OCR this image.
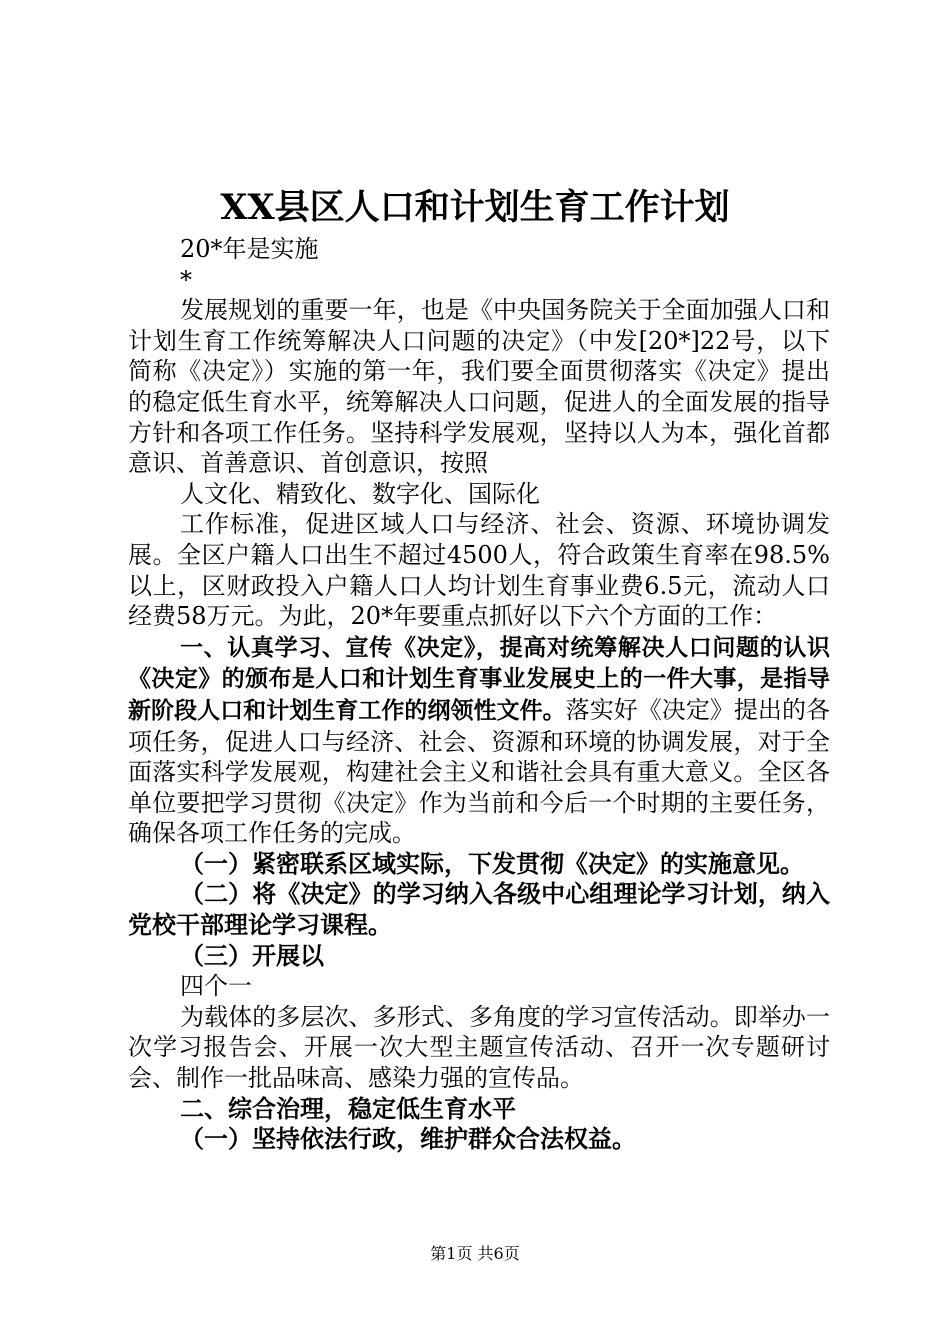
XX县区人口和计划生育工作计划

20*年是实施

*

发展规划的重要一年，也是《中央国务院关于全面加强人口和计划生育工作统筹解决人口问题的决定》（中发[20*]22号，以下简称《决定》）实施的第一年，我们要全面贯彻落实《决定》提出的稳定低生育水平，统筹解决人口问题，促进人的全面发展的指导方针和各项工作任务。坚持科学发展观，坚持以人为本，强化首都意识、首善意识、首创意识，按照

人文化、精致化、数字化、国际化

工作标准，促进区域人口与经济、社会、资源、环境协调发展。全区户籍人口出生不超过4500人，符合政策生育率在98.5%以上，区财政投入户籍人口人均计划生育事业费6.5元，流动人口经费58万元。为此，20*年要重点抓好以下六个方面的工作：

一、认真学习、宣传《决定》，提高对统筹解决人口问题的认识《决定》的颁布是人口和计划生育事业发展史上的一件大事，是指导新阶段人口和计划生育工作的纲领性文件。落实好《决定》提出的各项任务，促进人口与经济、社会、资源和环境的协调发展，对于全面落实科学发展观，构建社会主义和谐社会具有重大意义。全区各单位要把学习贯彻《决定》作为当前和今后一个时期的主要任务，确保各项工作任务的完成。

（一）紧密联系区域实际，下发贯彻《决定》的实施意见。

（二）将《决定》的学习纳入各级中心组理论学习计划，纳入党校干部理论学习课程。

（三）开展以

四个一

为载体的多层次、多形式、多角度的学习宣传活动。即举办一次学习报告会、开展一次大型主题宣传活动、召开一次专题研讨会、制作一批品味高、感染力强的宣传品。

二、综合治理，稳定低生育水平

（一）坚持依法行政，维护群众合法权益。

第1页 共6页
